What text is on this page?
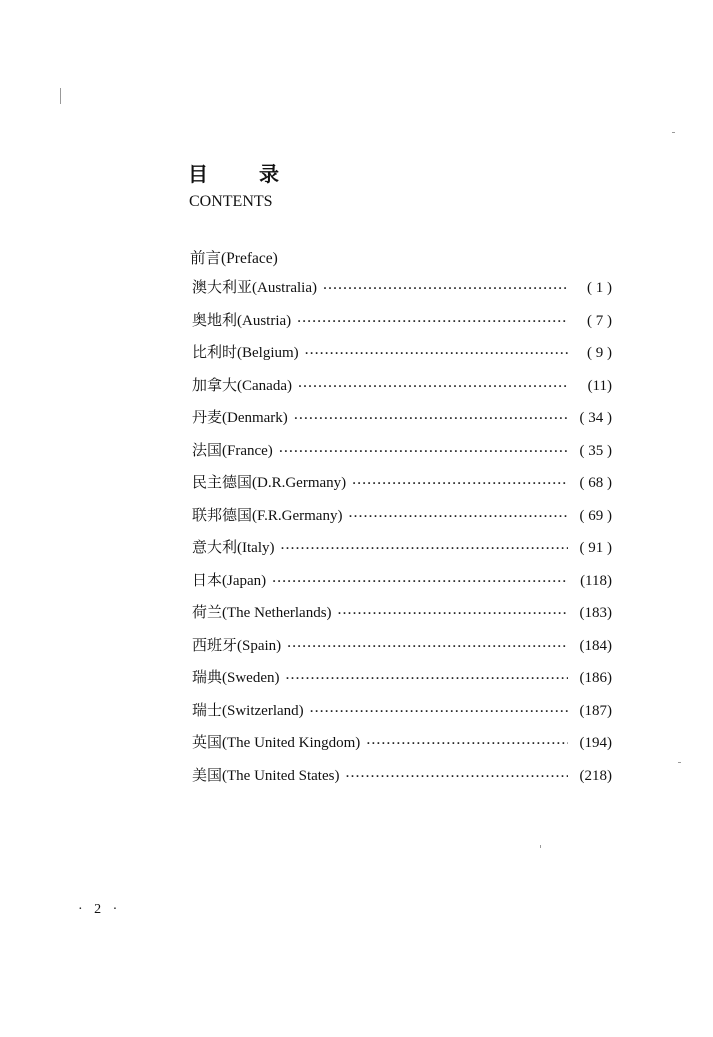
目 录
CONTENTS
前言(Preface)
澳大利亚(Australia) ·····	( 1 )
奥地利(Austria) ·····	( 7 )
比利时(Belgium) ·····	( 9 )
加拿大(Canada) ·····	(11)
丹麦(Denmark) ·····	( 34 )
法国(France) ·····	( 35 )
民主德国(D.R.Germany) ·····	( 68 )
联邦德国(F.R.Germany) ·····	( 69 )
意大利(Italy) ·····	( 91 )
日本(Japan) ·····	(118)
荷兰(The Netherlands) ·····	(183)
西班牙(Spain) ·····	(184)
瑞典(Sweden) ·····	(186)
瑞士(Switzerland) ·····	(187)
英国(The United Kingdom) ·····	(194)
美国(The United States) ·····	(218)
· 2 ·
